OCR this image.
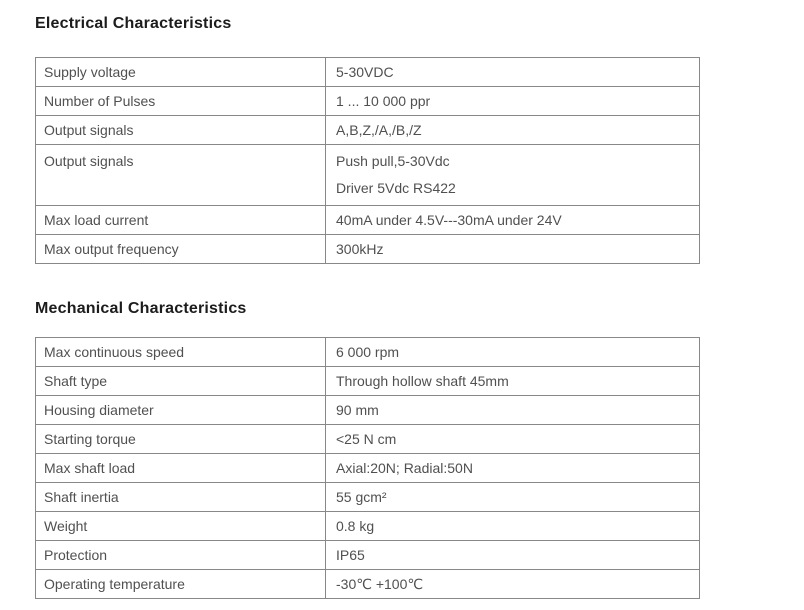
Electrical Characteristics
Supply voltage	5-30VDC
Number of Pulses	1 ... 10 000 ppr
Output signals	A,B,Z,/A,/B,/Z
Output signals	Push pull,5-30Vdc
Driver 5Vdc RS422

Max load current	40mA under 4.5V---30mA under 24V
Max output frequency	300kHz
Mechanical Characteristics
Max continuous speed	6 000 rpm
Shaft type	Through hollow shaft 45mm
Housing diameter	90 mm
Starting torque	<25 N cm
Max shaft load	Axial:20N; Radial:50N
Shaft inertia	55 gcm²
Weight	0.8 kg
Protection	IP65
Operating temperature	-30℃ +100℃
